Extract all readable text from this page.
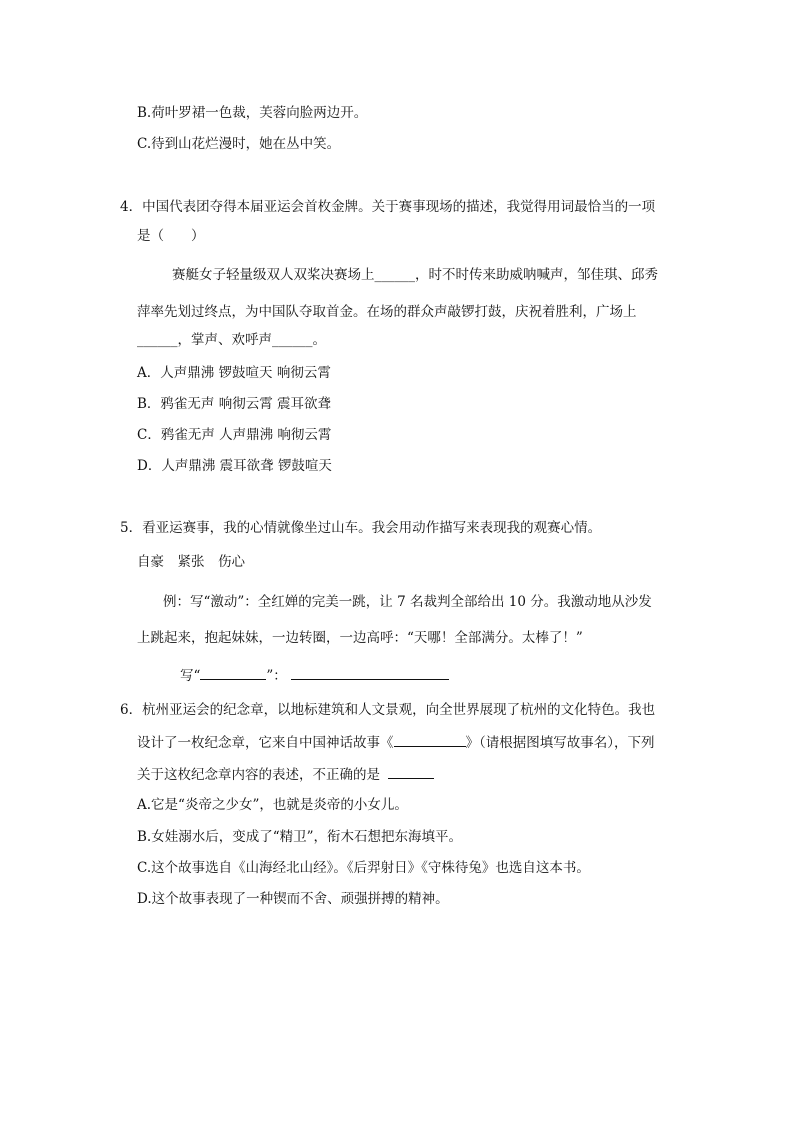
B.荷叶罗裙一色裁，芙蓉向脸两边开。
C.待到山花烂漫时，她在丛中笑。
4．中国代表团夺得本届亚运会首枚金牌。关于赛事现场的描述，我觉得用词最恰当的一项
是（　　）
赛艇女子轻量级双人双桨决赛场上______，时不时传来助威呐喊声，邹佳琪、邱秀
萍率先划过终点，为中国队夺取首金。在场的群众声敲锣打鼓，庆祝着胜利，广场上
______，掌声、欢呼声______。
A．人声鼎沸 锣鼓喧天 响彻云霄
B．鸦雀无声 响彻云霄 震耳欲聋
C．鸦雀无声 人声鼎沸 响彻云霄
D．人声鼎沸 震耳欲聋 锣鼓喧天
5．看亚运赛事，我的心情就像坐过山车。我会用动作描写来表现我的观赛心情。
自豪　紧张　伤心
例：写“激动”：全红婵的完美一跳，让 7 名裁判全部给出 10 分。我激动地从沙发
上跳起来，抱起妹妹，一边转圈，一边高呼：“天哪！全部满分。太棒了！”
写“	”：
6．杭州亚运会的纪念章，以地标建筑和人文景观，向全世界展现了杭州的文化特色。我也
设计了一枚纪念章，它来自中国神话故事《	》（请根据图填写故事名），下列
关于这枚纪念章内容的表述，不正确的是
A.它是“炎帝之少女”，也就是炎帝的小女儿。
B.女娃溺水后，变成了“精卫”，衔木石想把东海填平。
C.这个故事选自《山海经北山经》。《后羿射日》《守株待兔》也选自这本书。
D.这个故事表现了一种锲而不舍、顽强拼搏的精神。
